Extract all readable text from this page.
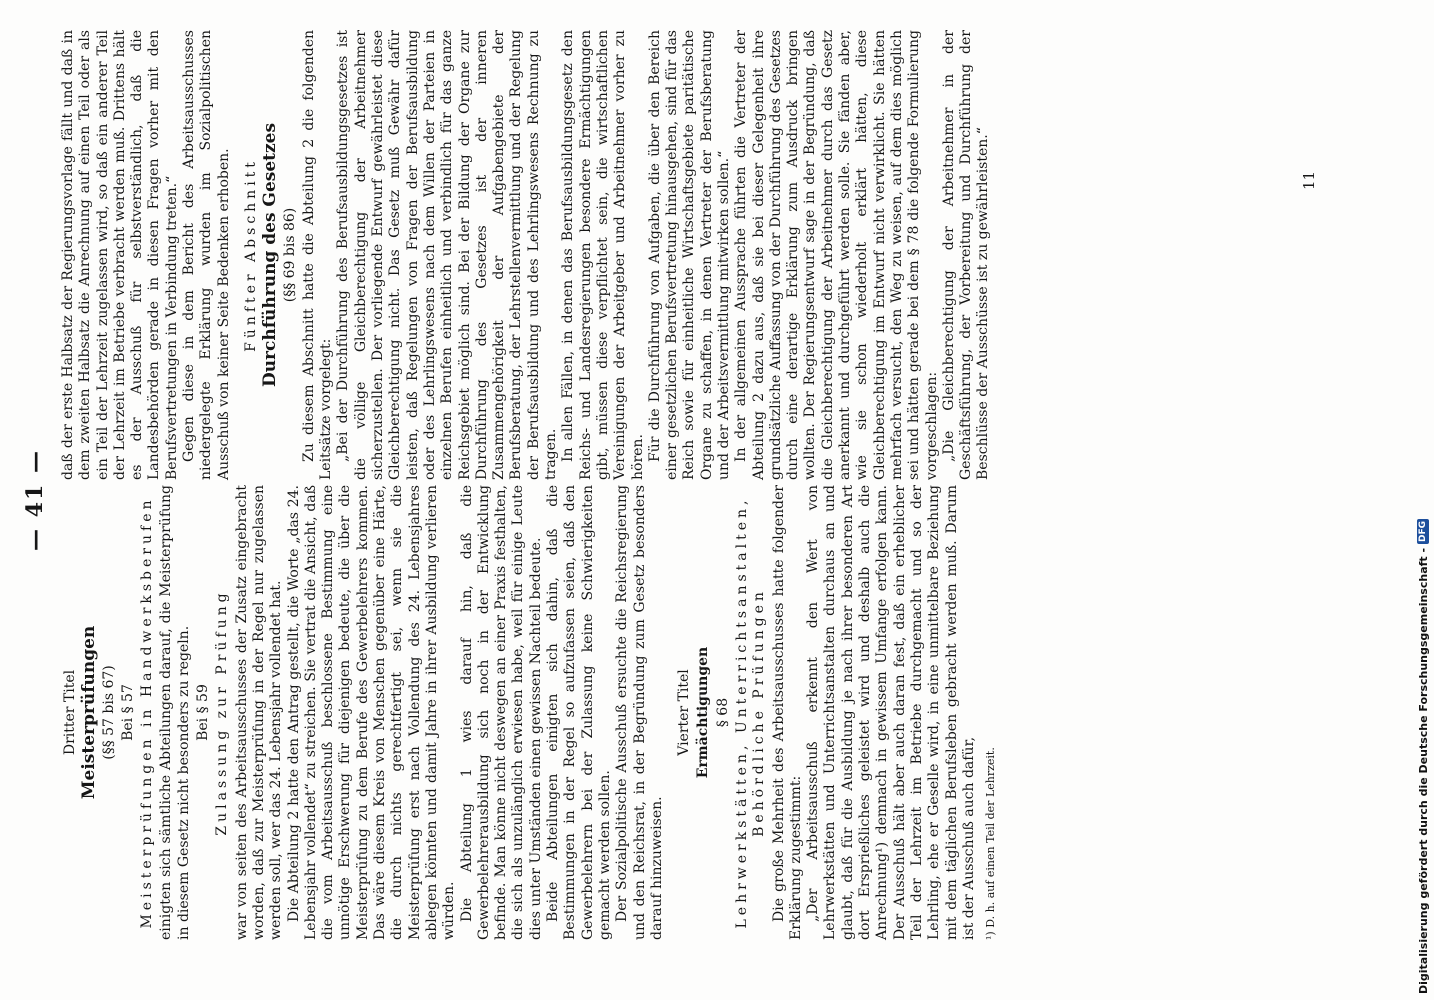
— 41 —

Dritter Titel Meisterprüfungen (§§ 57 bis 67) Bei § 57 Meisterprüfungen in Handwerksberufen einigten sich sämtliche Abteilungen darauf, die Meisterprüfung in diesem Gesetz nicht besonders zu regeln. Bei § 59 Zulassung zur Prüfung war von seiten des Arbeitsausschusses der Zusatz eingebracht worden, daß zur Meisterprüfung in der Regel nur zugelassen werden soll, wer das 24. Lebensjahr vollendet hat. Die Abteilung 2 hatte den Antrag gestellt, die Worte „das 24. Lebensjahr vollendet“ zu streichen. Sie vertrat die Ansicht, daß die vom Arbeitsausschuß beschlossene Bestimmung eine unnötige Erschwerung für diejenigen bedeute, die über die Meisterprüfung zu dem Berufe des Gewerbelehrers kommen. Das wäre diesem Kreis von Menschen gegenüber eine Härte, die durch nichts gerechtfertigt sei, wenn sie die Meisterprüfung erst nach Vollendung des 24. Lebensjahres ablegen könnten und damit Jahre in ihrer Ausbildung verlieren würden. Die Abteilung 1 wies darauf hin, daß die Gewerbelehrerausbildung sich noch in der Entwicklung befinde. Man könne nicht deswegen an einer Praxis festhalten, die sich als unzulänglich erwiesen habe, weil für einige Leute dies unter Umständen einen gewissen Nachteil bedeute. Beide Abteilungen einigten sich dahin, daß die Bestimmungen in der Regel so aufzufassen seien, daß den Gewerbelehrern bei der Zulassung keine Schwierigkeiten gemacht werden sollen. Der Sozialpolitische Ausschuß ersuchte die Reichsregierung und den Reichsrat, in der Begründung zum Gesetz besonders darauf hinzuweisen.

Vierter Titel Ermächtigungen § 68 Lehrwerkstätten, Unterrichtsanstalten, Behördliche Prüfungen Die große Mehrheit des Arbeitsausschusses hatte folgender Erklärung zugestimmt: „Der Arbeitsausschuß erkennt den Wert von Lehrwerkstätten und Unterrichtsanstalten durchaus an und glaubt, daß für die Ausbildung je nach ihrer besonderen Art dort Ersprießliches geleistet wird und deshalb auch die Anrechnung¹) demnach in gewissem Umfange erfolgen kann. Der Ausschuß hält aber auch daran fest, daß ein erheblicher Teil der Lehrzeit im Betriebe durchgemacht und so der Lehrling, ehe er Geselle wird, in eine unmittelbare Beziehung mit dem täglichen Berufsleben gebracht werden muß. Darum ist der Ausschuß auch dafür, ¹) D. h. auf einen Teil der Lehrzeit.

daß der erste Halbsatz der Regierungsvorlage fällt und daß in dem zweiten Halbsatz die Anrechnung auf einen Teil oder als ein Teil der Lehrzeit zugelassen wird, so daß ein anderer Teil der Lehrzeit im Betriebe verbracht werden muß. Drittens hält es der Ausschuß für selbstverständlich, daß die Landesbehörden gerade in diesen Fragen vorher mit den Berufsvertretungen in Verbindung treten.“ Gegen diese in dem Bericht des Arbeitsausschusses niedergelegte Erklärung wurden im Sozialpolitischen Ausschuß von keiner Seite Bedenken erhoben. Fünfter Abschnitt Durchführung des Gesetzes (§§ 69 bis 86) Zu diesem Abschnitt hatte die Abteilung 2 die folgenden Leitsätze vorgelegt: „Bei der Durchführung des Berufsausbildungsgesetzes ist die völlige Gleichberechtigung der Arbeitnehmer sicherzustellen. Der vorliegende Entwurf gewährleistet diese Gleichberechtigung nicht. Das Gesetz muß Gewähr dafür leisten, daß Regelungen von Fragen der Berufsausbildung oder des Lehrlingswesens nach dem Willen der Parteien in einzelnen Berufen einheitlich und verbindlich für das ganze Reichsgebiet möglich sind. Bei der Bildung der Organe zur Durchführung des Gesetzes ist der inneren Zusammengehörigkeit der Aufgabengebiete der Berufsberatung, der Lehrstellenvermittlung und der Regelung der Berufsausbildung und des Lehrlingswesens Rechnung zu tragen. In allen Fällen, in denen das Berufsausbildungsgesetz den Reichs- und Landesregierungen besondere Ermächtigungen gibt, müssen diese verpflichtet sein, die wirtschaftlichen Vereinigungen der Arbeitgeber und Arbeitnehmer vorher zu hören. Für die Durchführung von Aufgaben, die über den Bereich einer gesetzlichen Berufsvertretung hinausgehen, sind für das Reich sowie für einheitliche Wirtschaftsgebiete paritätische Organe zu schaffen, in denen Vertreter der Berufsberatung und der Arbeitsvermittlung mitwirken sollen.“ In der allgemeinen Aussprache führten die Vertreter der Abteilung 2 dazu aus, daß sie bei dieser Gelegenheit ihre grundsätzliche Auffassung von der Durchführung des Gesetzes durch eine derartige Erklärung zum Ausdruck bringen wollten. Der Regierungsentwurf sage in der Begründung, daß die Gleichberechtigung der Arbeitnehmer durch das Gesetz anerkannt und durchgeführt werden solle. Sie fänden aber, wie sie schon wiederholt erklärt hätten, diese Gleichberechtigung im Entwurf nicht verwirklicht. Sie hätten mehrfach versucht, den Weg zu weisen, auf dem dies möglich sei und hätten gerade bei dem § 78 die folgende Formulierung vorgeschlagen: „Die Gleichberechtigung der Arbeitnehmer in der Geschäftsführung, der Vorbereitung und Durchführung der Beschlüsse der Ausschüsse ist zu gewährleisten.“	11
Digitalisierung gefördert durch die Deutsche Forschungsgemeinschaft -
DFG
